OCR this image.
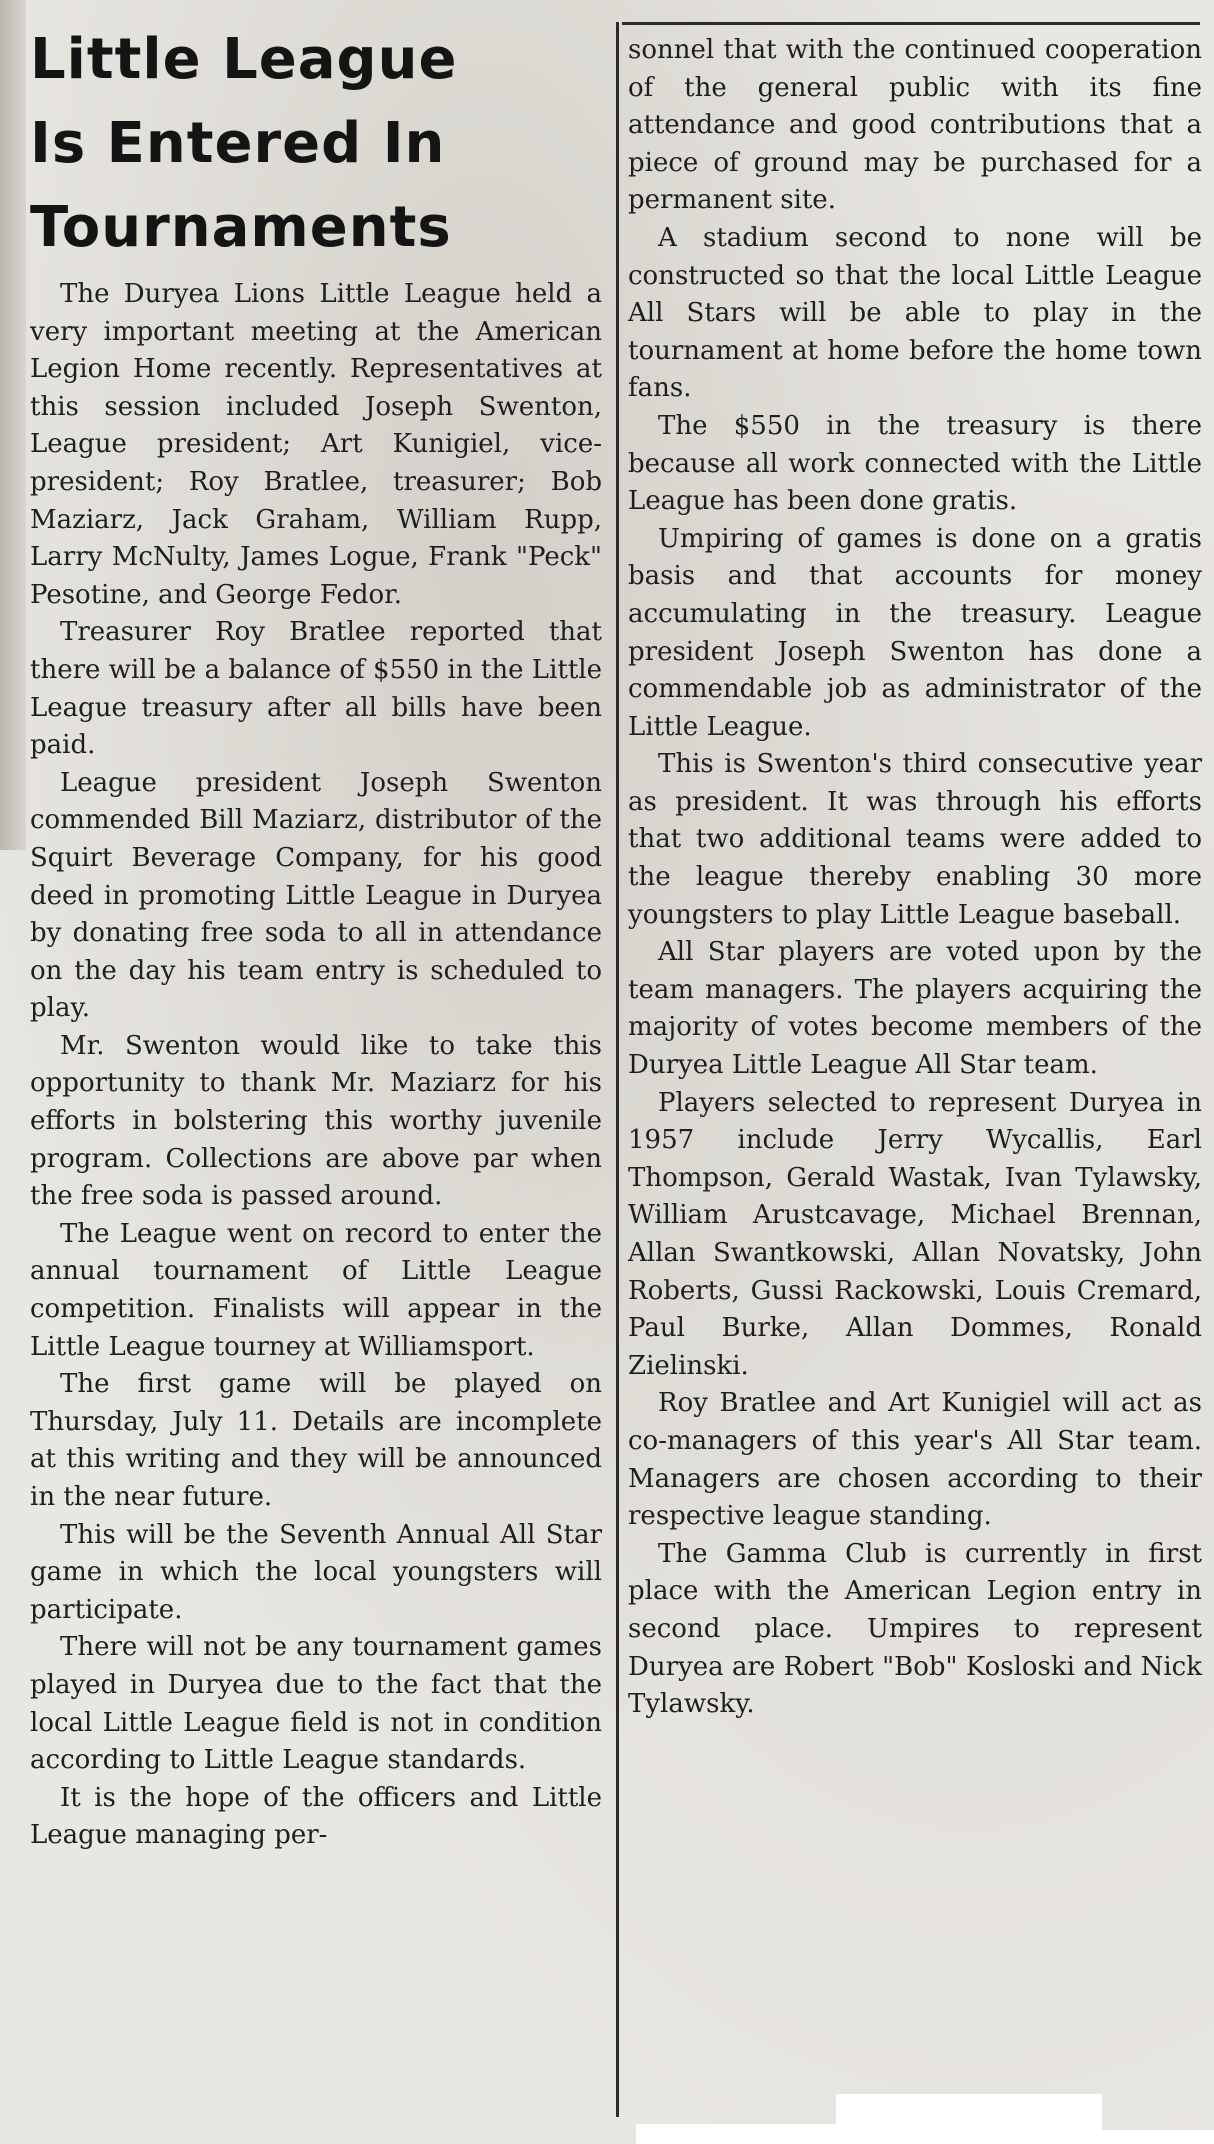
Little League
Is Entered In
Tournaments

The Duryea Lions Little League held a very important meeting at the American Legion Home recently. Representatives at this session included Joseph Swenton, League president; Art Kunigiel, vice-president; Roy Bratlee, treasurer; Bob Maziarz, Jack Graham, William Rupp, Larry McNulty, James Logue, Frank "Peck" Pesotine, and George Fedor.

Treasurer Roy Bratlee reported that there will be a balance of $550 in the Little League treasury after all bills have been paid.

League president Joseph Swenton commended Bill Maziarz, distributor of the Squirt Beverage Company, for his good deed in promoting Little League in Duryea by donating free soda to all in attendance on the day his team entry is scheduled to play.

Mr. Swenton would like to take this opportunity to thank Mr. Maziarz for his efforts in bolstering this worthy juvenile program. Collections are above par when the free soda is passed around.

The League went on record to enter the annual tournament of Little League competition. Finalists will appear in the Little League tourney at Williamsport.

The first game will be played on Thursday, July 11. Details are incomplete at this writing and they will be announced in the near future.

This will be the Seventh Annual All Star game in which the local youngsters will participate.

There will not be any tournament games played in Duryea due to the fact that the local Little League field is not in condition according to Little League standards.

It is the hope of the officers and Little League managing per-

sonnel that with the continued cooperation of the general public with its fine attendance and good contributions that a piece of ground may be purchased for a permanent site.

A stadium second to none will be constructed so that the local Little League All Stars will be able to play in the tournament at home before the home town fans.

The $550 in the treasury is there because all work connected with the Little League has been done gratis.

Umpiring of games is done on a gratis basis and that accounts for money accumulating in the treasury. League president Joseph Swenton has done a commendable job as administrator of the Little League.

This is Swenton's third consecutive year as president. It was through his efforts that two additional teams were added to the league thereby enabling 30 more youngsters to play Little League baseball.

All Star players are voted upon by the team managers. The players acquiring the majority of votes become members of the Duryea Little League All Star team.

Players selected to represent Duryea in 1957 include Jerry Wycallis, Earl Thompson, Gerald Wastak, Ivan Tylawsky, William Arustcavage, Michael Brennan, Allan Swantkowski, Allan Novatsky, John Roberts, Gussi Rackowski, Louis Cremard, Paul Burke, Allan Dommes, Ronald Zielinski.

Roy Bratlee and Art Kunigiel will act as co-managers of this year's All Star team. Managers are chosen according to their respective league standing.

The Gamma Club is currently in first place with the American Legion entry in second place. Umpires to represent Duryea are Robert "Bob" Kosloski and Nick Tylawsky.
